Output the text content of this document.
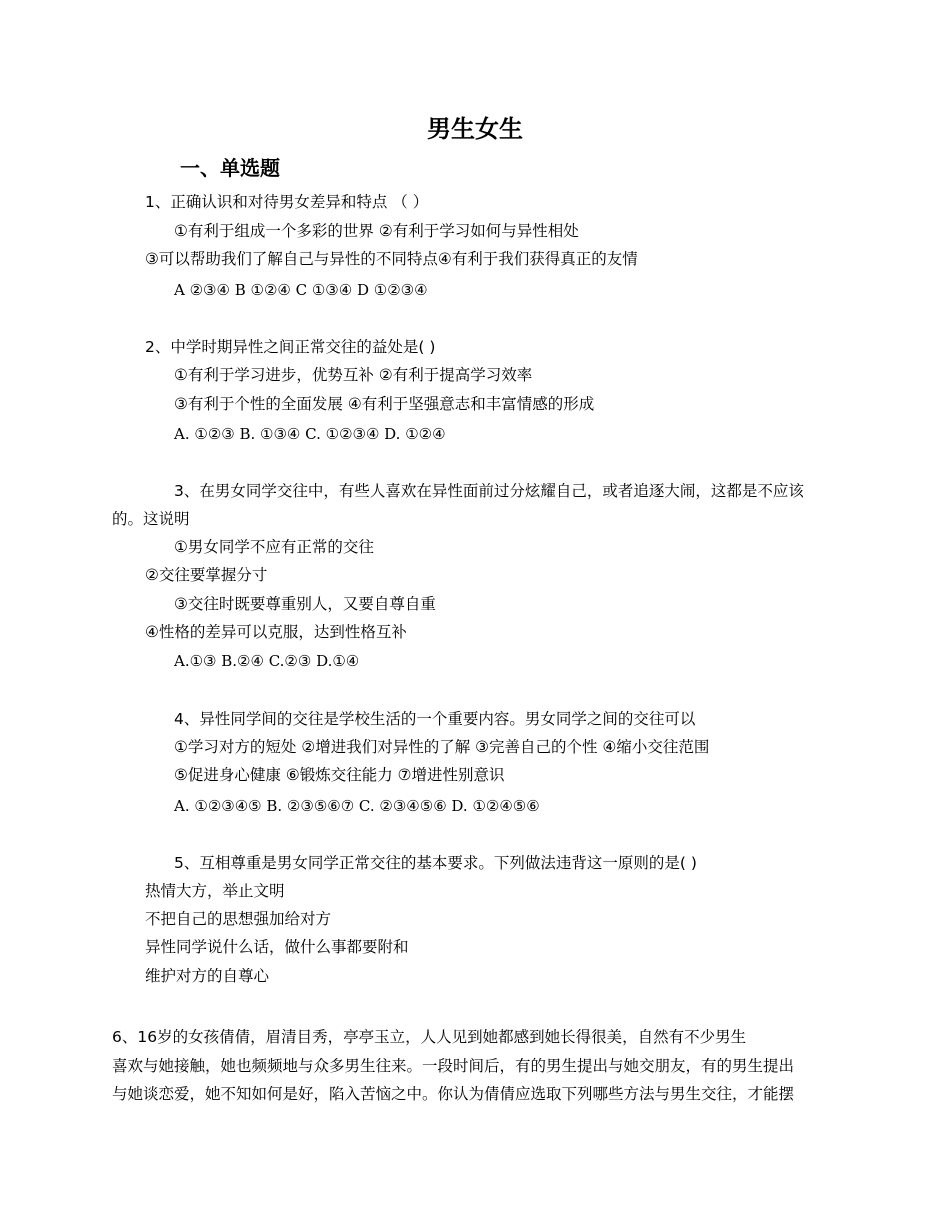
男生女生
一、单选题
1、正确认识和对待男女差异和特点 （ ）
①有利于组成一个多彩的世界 ②有利于学习如何与异性相处
③可以帮助我们了解自己与异性的不同特点④有利于我们获得真正的友情
A ②③④ B ①②④ C ①③④ D ①②③④
2、中学时期异性之间正常交往的益处是( )
①有利于学习进步，优势互补 ②有利于提高学习效率
③有利于个性的全面发展 ④有利于坚强意志和丰富情感的形成
A. ①②③ B. ①③④ C. ①②③④ D. ①②④
3、在男女同学交往中，有些人喜欢在异性面前过分炫耀自己，或者追逐大闹，这都是不应该
的。这说明
①男女同学不应有正常的交往
②交往要掌握分寸
③交往时既要尊重别人，又要自尊自重
④性格的差异可以克服，达到性格互补
A.①③ B.②④ C.②③ D.①④
4、异性同学间的交往是学校生活的一个重要内容。男女同学之间的交往可以
①学习对方的短处 ②增进我们对异性的了解 ③完善自己的个性 ④缩小交往范围
⑤促进身心健康 ⑥锻炼交往能力 ⑦增进性别意识
A. ①②③④⑤ B. ②③⑤⑥⑦ C. ②③④⑤⑥ D. ①②④⑤⑥
5、互相尊重是男女同学正常交往的基本要求。下列做法违背这一原则的是( )
热情大方，举止文明
不把自己的思想强加给对方
异性同学说什么话，做什么事都要附和
维护对方的自尊心
6、16岁的女孩倩倩，眉清目秀，亭亭玉立，人人见到她都感到她长得很美，自然有不少男生
喜欢与她接触，她也频频地与众多男生往来。一段时间后，有的男生提出与她交朋友，有的男生提出
与她谈恋爱，她不知如何是好，陷入苦恼之中。你认为倩倩应选取下列哪些方法与男生交往，才能摆
